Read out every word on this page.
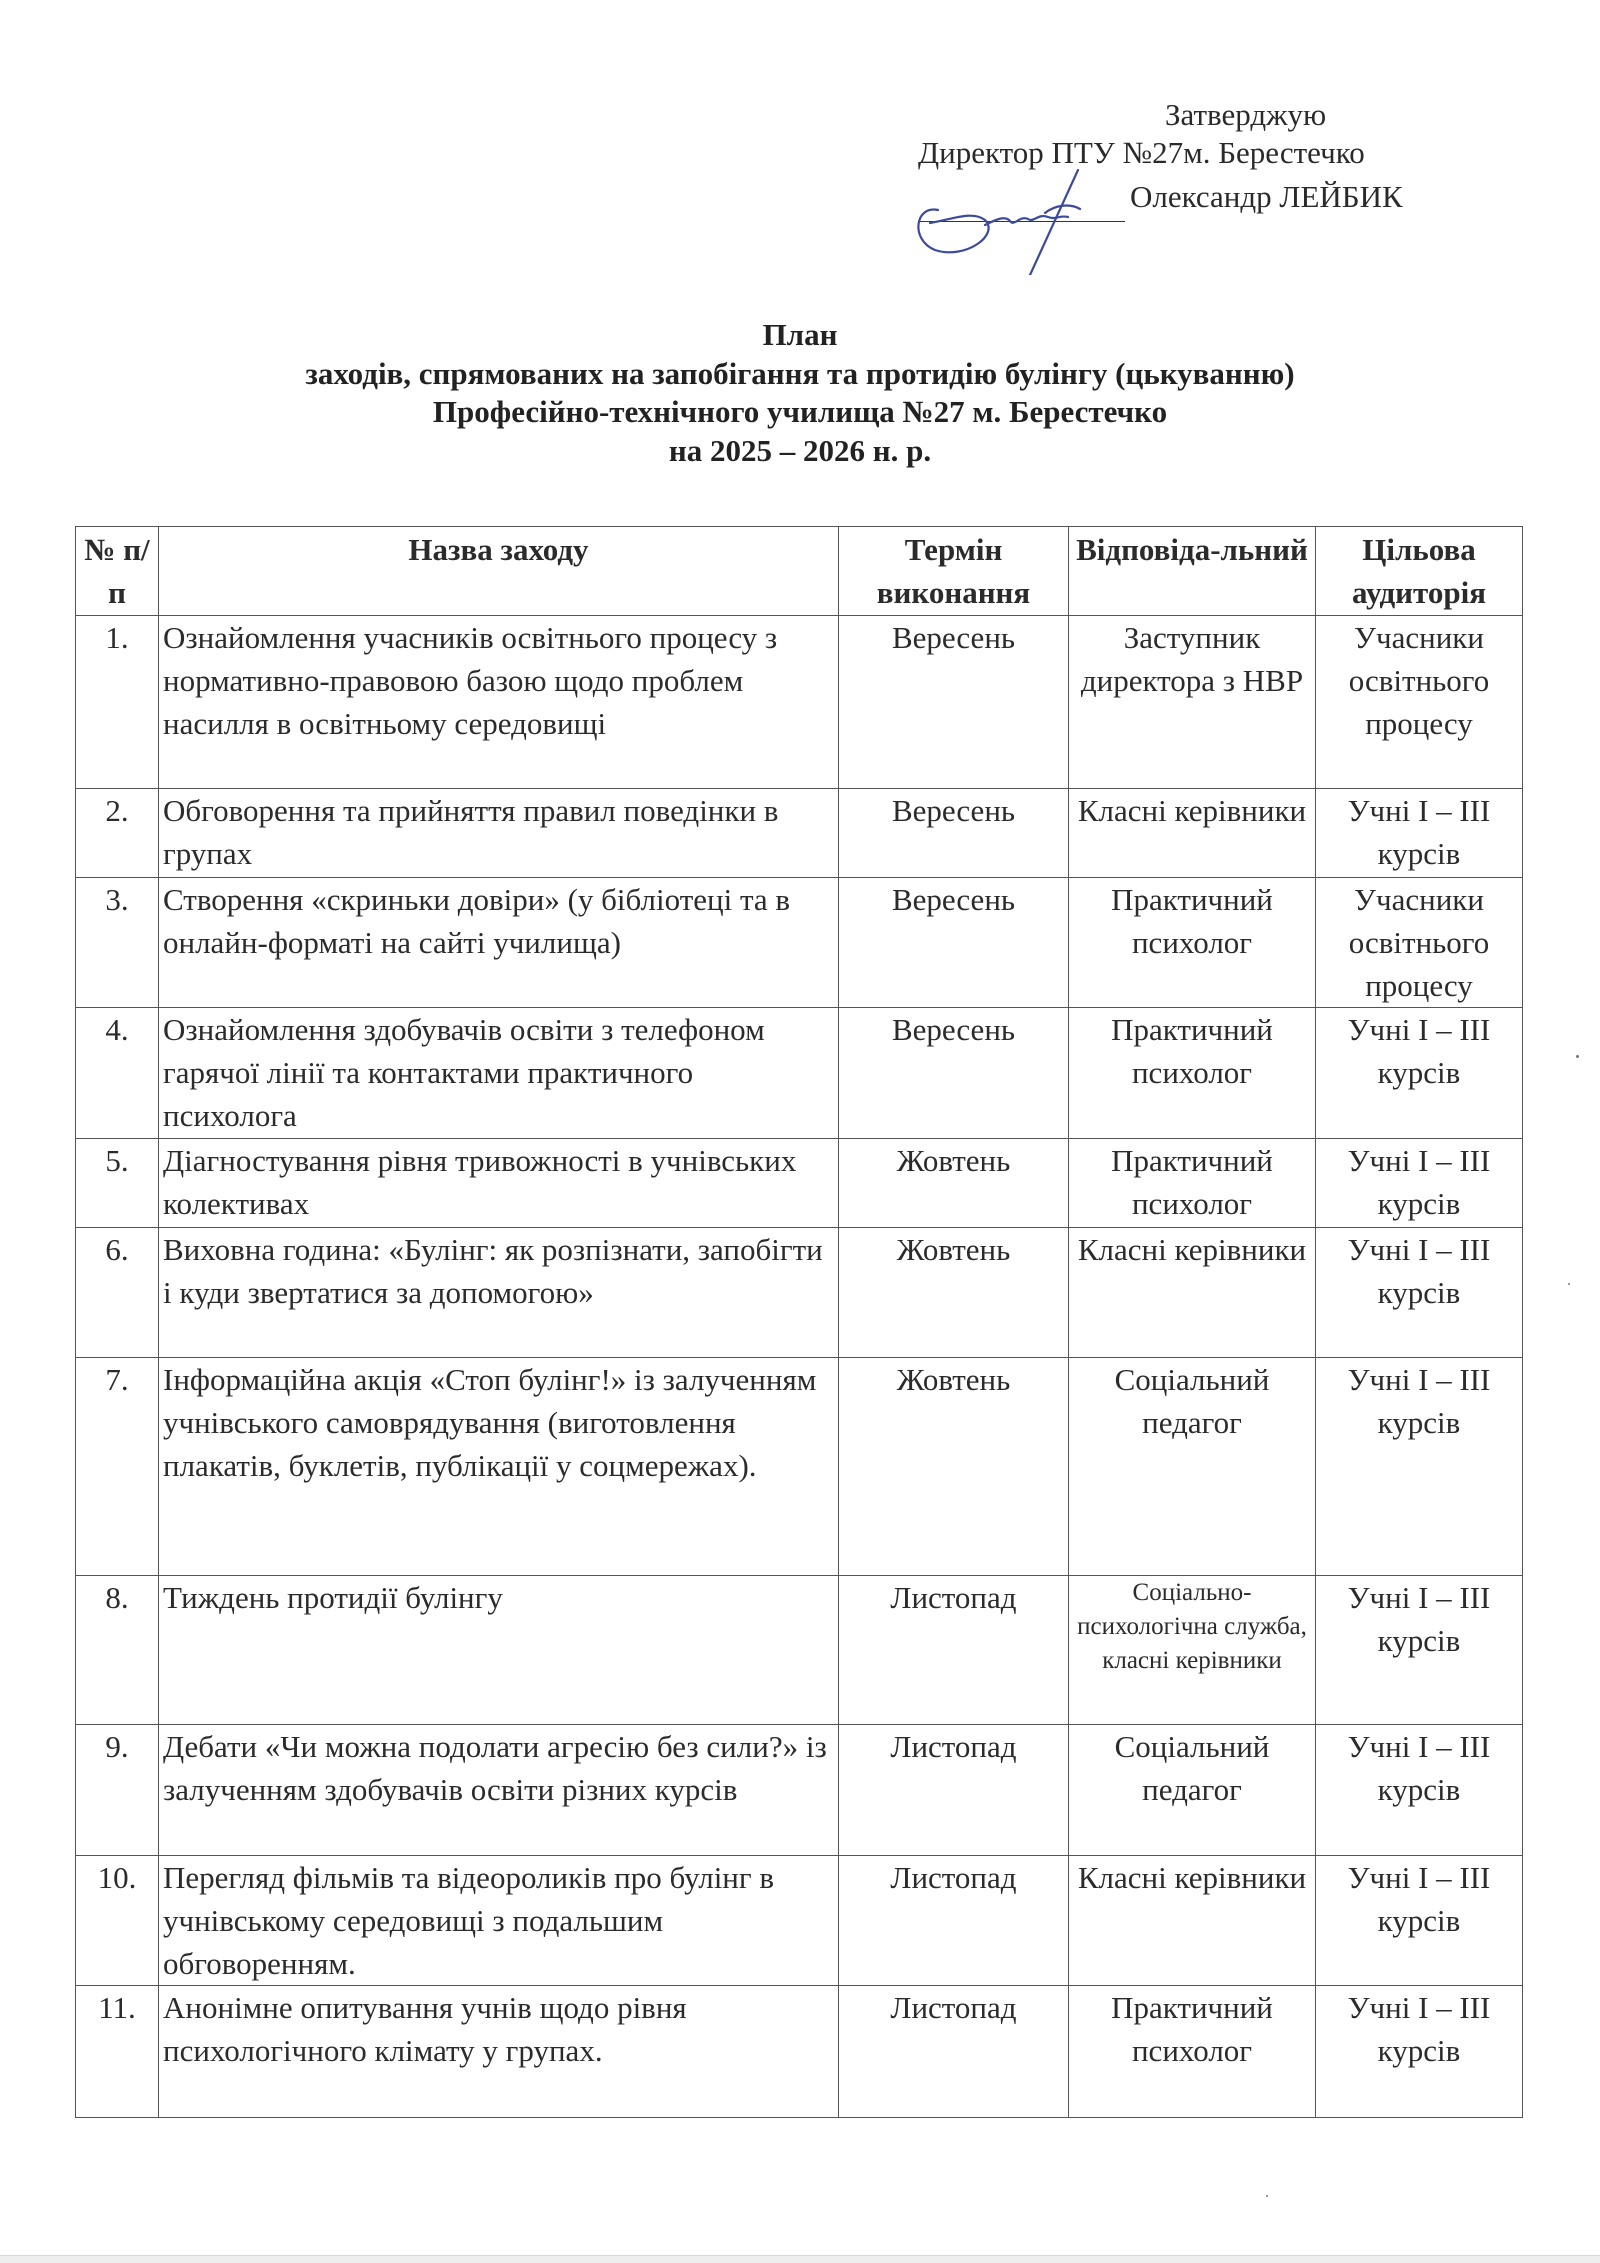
Затверджую
Директор ПТУ №27м. Берестечко
Олександр ЛЕЙБИК
План
заходів, спрямованих на запобігання та протидію булінгу (цькуванню)
Професійно-технічного училища №27 м. Берестечко
на 2025 – 2026 н. р.
№ п/п	Назва заходу	Термін виконання	Відповіда-льний	Цільова аудиторія
1.	Ознайомлення учасників освітнього процесу з нормативно-правовою базою щодо проблем насилля в освітньому середовищі	Вересень	Заступник директора з НВР	Учасники освітнього процесу
2.	Обговорення та прийняття правил поведінки в групах	Вересень	Класні керівники	Учні I – III курсів
3.	Створення «скриньки довіри» (у бібліотеці та в онлайн-форматі на сайті училища)	Вересень	Практичний психолог	Учасники освітнього процесу
4.	Ознайомлення здобувачів освіти з телефоном гарячої лінії та контактами практичного психолога	Вересень	Практичний психолог	Учні I – III курсів
5.	Діагностування рівня тривожності в учнівських колективах	Жовтень	Практичний психолог	Учні I – III курсів
6.	Виховна година: «Булінг: як розпізнати, запобігти і куди звертатися за допомогою»	Жовтень	Класні керівники	Учні I – III курсів
7.	Інформаційна акція «Стоп булінг!» із залученням учнівського самоврядування (виготовлення плакатів, буклетів, публікації у соцмережах).	Жовтень	Соціальний педагог	Учні I – III курсів
8.	Тиждень протидії булінгу	Листопад	Соціально-психологічна служба, класні керівники	Учні I – III курсів
9.	Дебати «Чи можна подолати агресію без сили?» із залученням здобувачів освіти різних курсів	Листопад	Соціальний педагог	Учні I – III курсів
10.	Перегляд фільмів та відеороликів про булінг в учнівському середовищі з подальшим обговоренням.	Листопад	Класні керівники	Учні I – III курсів
11.	Анонімне опитування учнів щодо рівня психологічного клімату у групах.	Листопад	Практичний психолог	Учні I – III курсів
